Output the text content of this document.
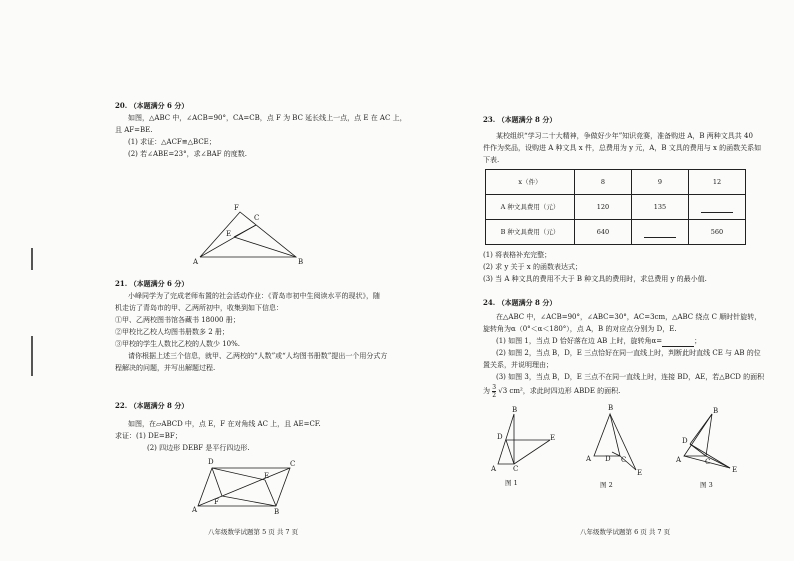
20. （本题满分 6 分）
如图，△ABC 中，∠ACB=90°，CA=CB，点 F 为 BC 延长线上一点，点 E 在 AC 上，
且 AF=BE.
(1) 求证：△ACF≌△BCE；
(2) 若∠ABE=23°，求∠BAF 的度数.
F
C
E
A	B
21. （本题满分 6 分）
小峰同学为了完成老师布置的社会活动作业：《青岛市初中生阅读水平的现状》，随
机走访了青岛市的甲、乙两所初中，收集到如下信息：
①甲、乙两校图书馆各藏书 18000 册；
②甲校比乙校人均图书册数多 2 册；
③甲校的学生人数比乙校的人数少 10%.
请你根据上述三个信息，就甲、乙两校的“人数”或“人均图书册数”提出一个用分式方
程解决的问题，并写出解题过程.
22. （本题满分 8 分）
如图，在▱ABCD 中，点 E，F 在对角线 AC 上，且 AE=CF.
求证：(1) DE=BF；
(2) 四边形 DEBF 是平行四边形.
D	C
E
F
A	B
八年级数学试题第 5 页 共 7 页
23. （本题满分 8 分）
某校组织“学习二十大精神，争做好少年”知识竞赛，准备购进 A，B 两种文具共 40
件作为奖品，设购进 A 种文具 x 件，总费用为 y 元，A，B 文具的费用与 x 的函数关系如
下表.
x（件）	8	9	12
A 种文具费用（元）	120	135	
B 种文具费用（元）	640		560
(1) 将表格补充完整；
(2) 求 y 关于 x 的函数表达式；
(3) 当 A 种文具的费用不大于 B 种文具的费用时，求总费用 y 的最小值.
24. （本题满分 8 分）
在△ABC 中，∠ACB=90°，∠ABC=30°，AC=3cm，△ABC 绕点 C 顺时针旋转，
旋转角为α（0°＜α＜180°），点 A，B 的对应点分别为 D，E.
(1) 如图 1，当点 D 恰好落在边 AB 上时，旋转角α=	；
(2) 如图 2，当点 B，D，E 三点恰好在同一直线上时，判断此时直线 CE 与 AB 的位
置关系，并说明理由；
(3) 如图 3，当点 B，D，E 三点不在同一直线上时，连接 BD，AE，若△BCD 的面积
为 $\frac{3}{2} √3$ cm²，求此时四边形 ABDE 的面积.
B
D	E
A C
图 1
B
A D C
E
图 2
B
D
A	C
E
图 3
八年级数学试题第 6 页 共 7 页
